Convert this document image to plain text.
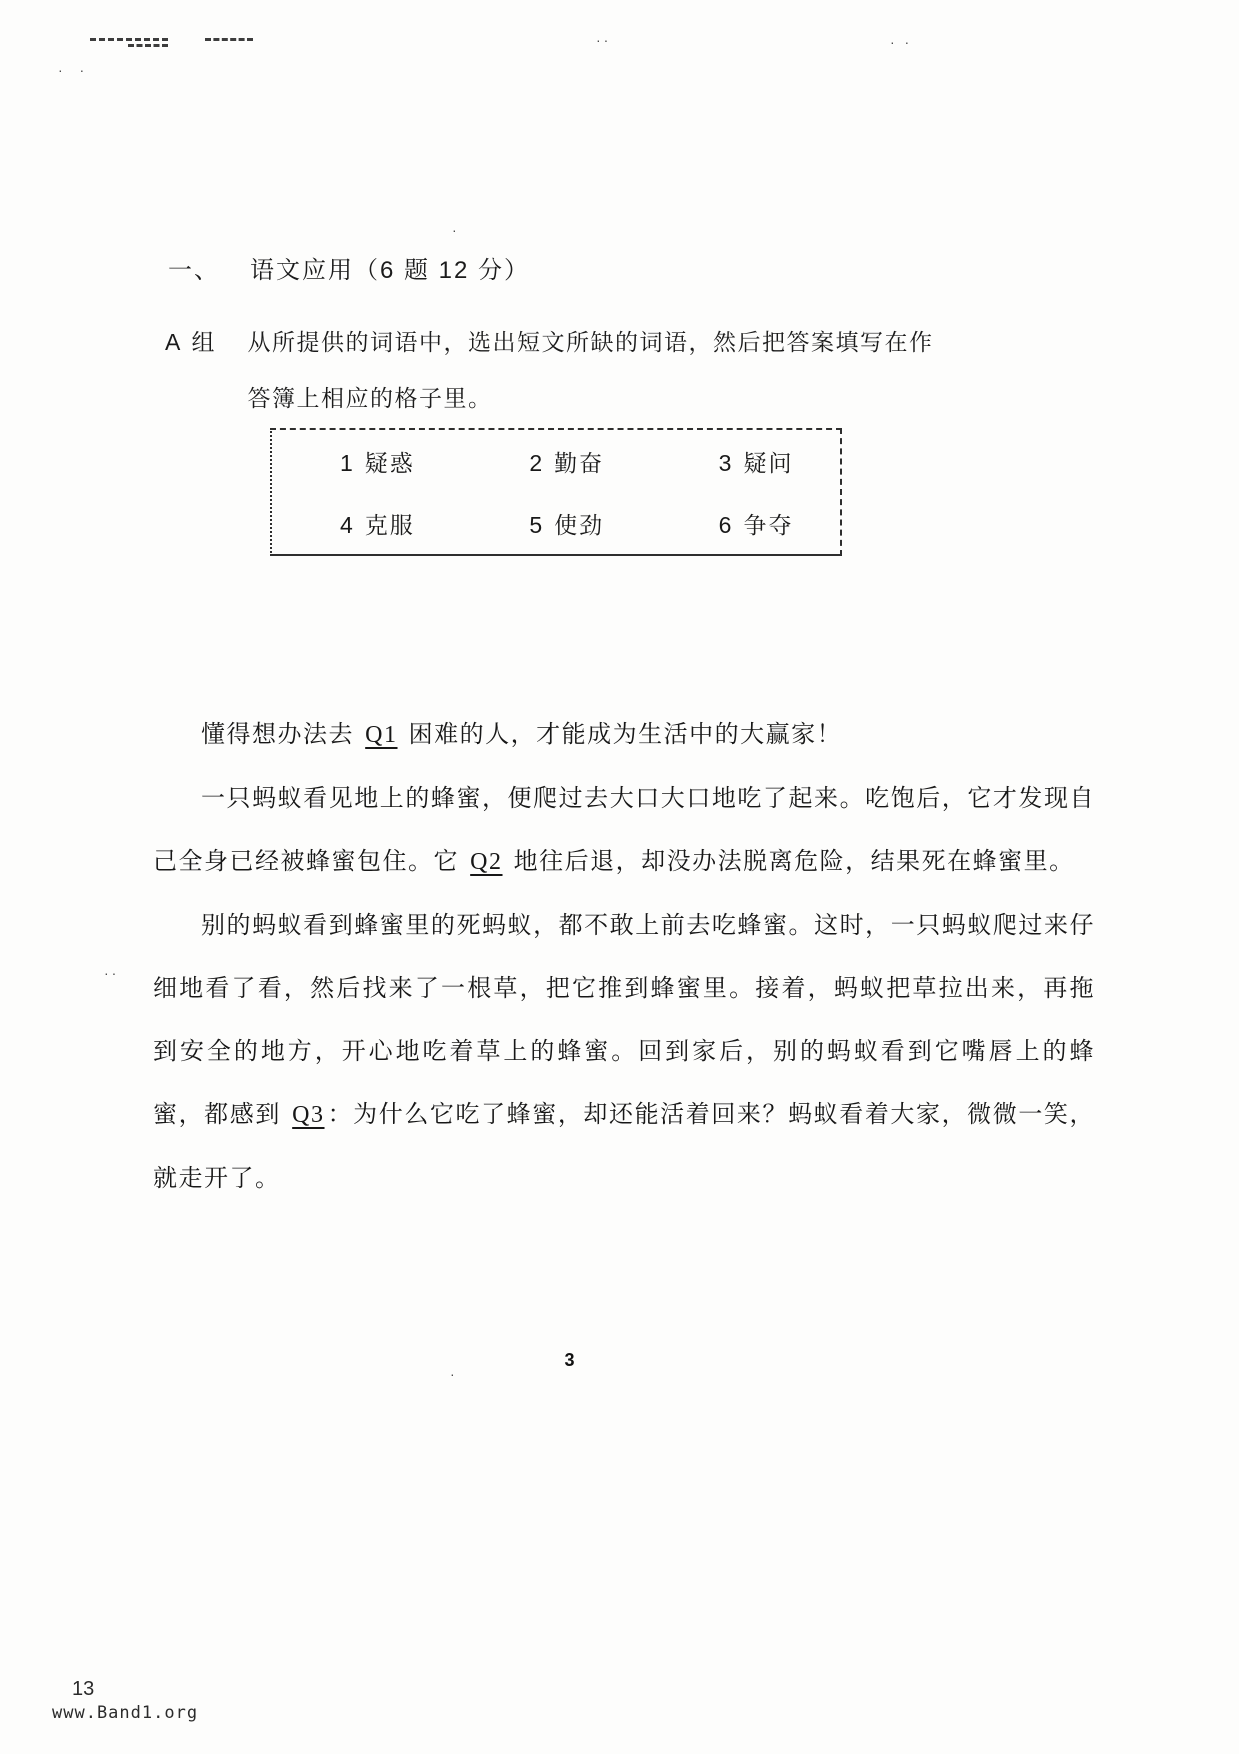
··	· ·
·  ·
·
··
·
一、 语文应用（6 题 12 分）
A 组 从所提供的词语中，选出短文所缺的词语，然后把答案填写在作
答簿上相应的格子里。
1 疑惑	2 勤奋	3 疑问
4 克服	5 使劲	6 争夺

懂得想办法去 Q1 困难的人，才能成为生活中的大赢家！

一只蚂蚁看见地上的蜂蜜，便爬过去大口大口地吃了起来。吃饱后，它才发现自己全身已经被蜂蜜包住。它 Q2 地往后退，却没办法脱离危险，结果死在蜂蜜里。

别的蚂蚁看到蜂蜜里的死蚂蚁，都不敢上前去吃蜂蜜。这时，一只蚂蚁爬过来仔细地看了看，然后找来了一根草，把它推到蜂蜜里。接着，蚂蚁把草拉出来，再拖到安全的地方，开心地吃着草上的蜂蜜。回到家后，别的蚂蚁看到它嘴唇上的蜂蜜，都感到 Q3 ：为什么它吃了蜂蜜，却还能活着回来？蚂蚁看着大家，微微一笑，就走开了。

3
13
www.Band1.org
